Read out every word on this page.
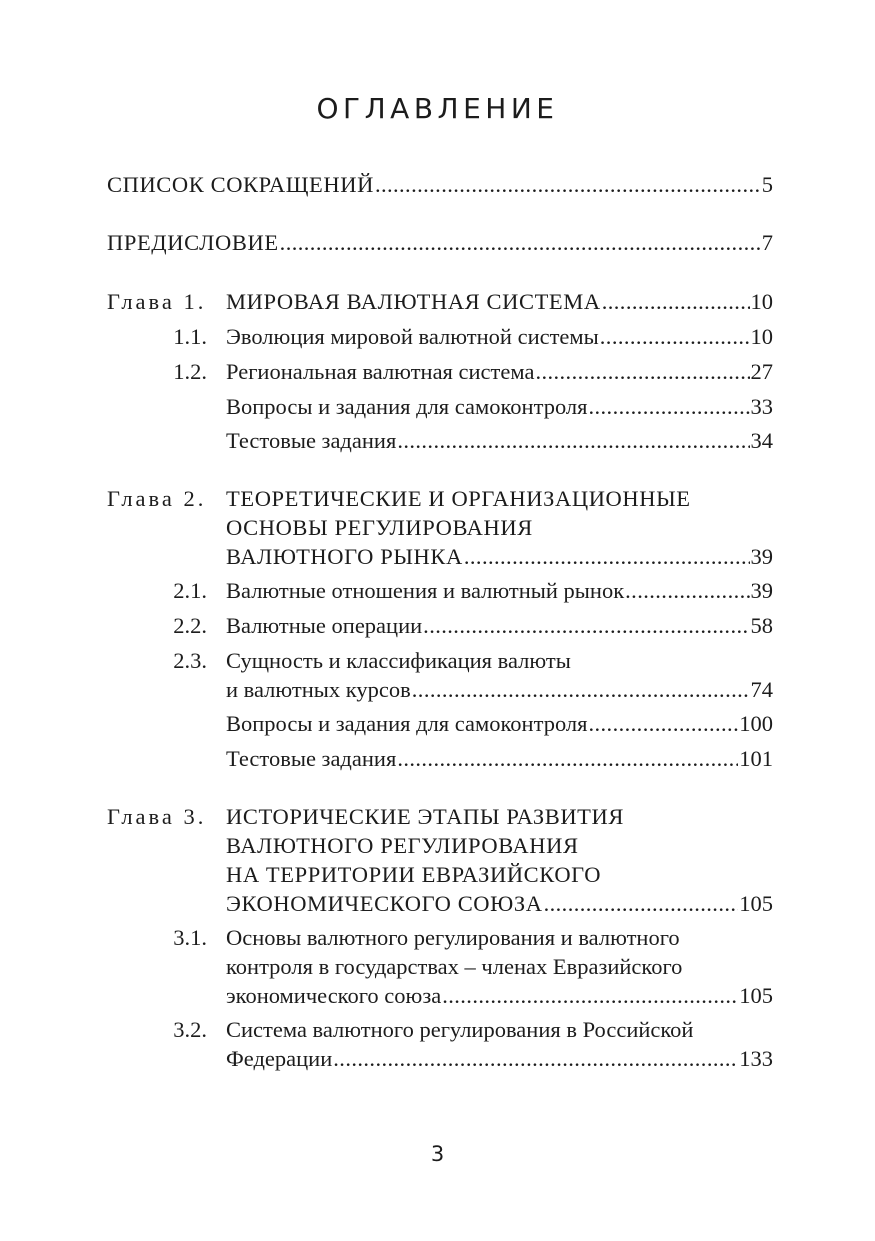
ОГЛАВЛЕНИЕ
СПИСОК СОКРАЩЕНИЙ .....	5
ПРЕДИСЛОВИЕ .....	7
Глава 1. МИРОВАЯ ВАЛЮТНАЯ СИСТЕМА .....	10
1.1. Эволюция мировой валютной системы .....	10
1.2. Региональная валютная система .....	27
Вопросы и задания для самоконтроля .....	33
Тестовые задания .....	34
Глава 2. ТЕОРЕТИЧЕСКИЕ И ОРГАНИЗАЦИОННЫЕ
ОСНОВЫ РЕГУЛИРОВАНИЯ
ВАЛЮТНОГО РЫНКА .....	39
2.1. Валютные отношения и валютный рынок .....	39
2.2. Валютные операции .....	58
2.3. Сущность и классификация валюты
и валютных курсов .....	74
Вопросы и задания для самоконтроля .....	100
Тестовые задания .....	101
Глава 3. ИСТОРИЧЕСКИЕ ЭТАПЫ РАЗВИТИЯ
ВАЛЮТНОГО РЕГУЛИРОВАНИЯ
НА ТЕРРИТОРИИ ЕВРАЗИЙСКОГО
ЭКОНОМИЧЕСКОГО СОЮЗА .....	105
3.1. Основы валютного регулирования и валютного
контроля в государствах – членах Евразийского
экономического союза .....	105
3.2. Система валютного регулирования в Российской
Федерации .....	133
3
